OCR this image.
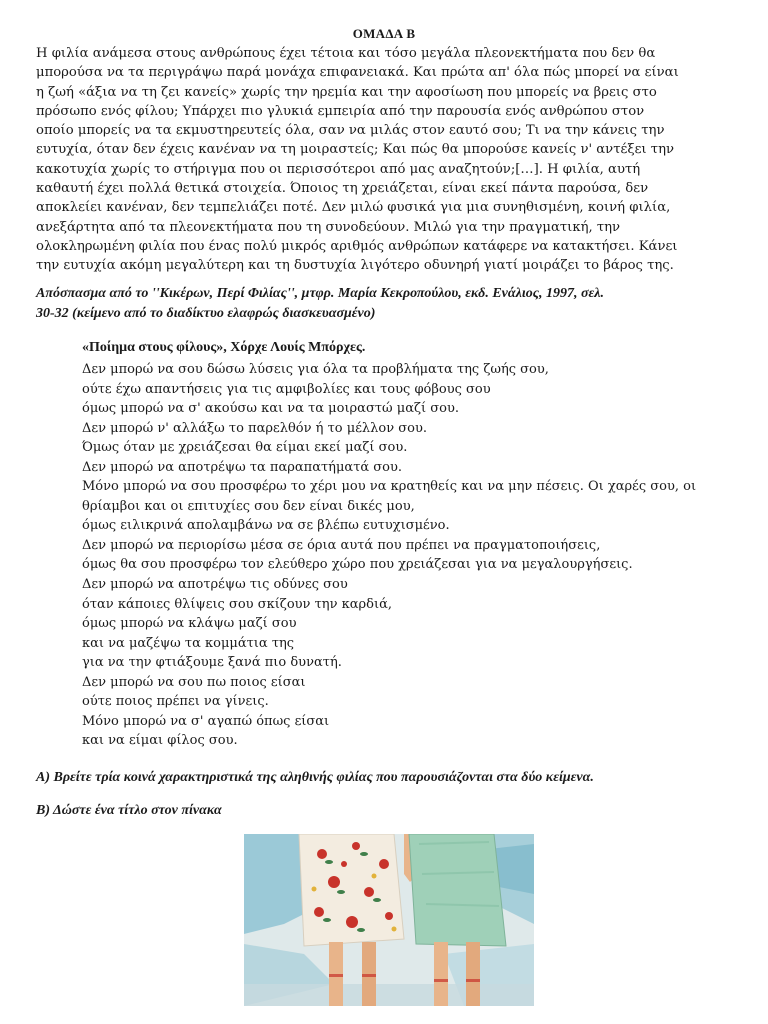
ΟΜΑΔΑ Β
Η φιλία ανάμεσα στους ανθρώπους έχει τέτοια και τόσο μεγάλα πλεονεκτήματα που δεν θα
μπορούσα να τα περιγράψω παρά μονάχα επιφανειακά. Και πρώτα απ' όλα πώς μπορεί να είναι
η ζωή «άξια να τη ζει κανείς» χωρίς την ηρεμία και την αφοσίωση που μπορείς να βρεις στο
πρόσωπο ενός φίλου; Υπάρχει πιο γλυκιά εμπειρία από την παρουσία ενός ανθρώπου στον
οποίο μπορείς να τα εκμυστηρευτείς όλα, σαν να μιλάς στον εαυτό σου; Τι να την κάνεις την
ευτυχία, όταν δεν έχεις κανέναν να τη μοιραστείς; Και πώς θα μπορούσε κανείς ν' αντέξει την
κακοτυχία χωρίς το στήριγμα που οι περισσότεροι από μας αναζητούν;[…]. Η φιλία, αυτή
καθαυτή έχει πολλά θετικά στοιχεία. Όποιος τη χρειάζεται, είναι εκεί πάντα παρούσα, δεν
αποκλείει κανέναν, δεν τεμπελιάζει ποτέ. Δεν μιλώ φυσικά για μια συνηθισμένη, κοινή φιλία,
ανεξάρτητα από τα πλεονεκτήματα που τη συνοδεύουν. Μιλώ για την πραγματική, την
ολοκληρωμένη φιλία που ένας πολύ μικρός αριθμός ανθρώπων κατάφερε να κατακτήσει. Κάνει
την ευτυχία ακόμη μεγαλύτερη και τη δυστυχία λιγότερο οδυνηρή γιατί μοιράζει το βάρος της.
Απόσπασμα από το ''Κικέρων, Περί Φιλίας'', μτφρ. Μαρία Κεκροπούλου, εκδ. Ενάλιος, 1997, σελ.
30-32 (κείμενο από το διαδίκτυο ελαφρώς διασκευασμένο)
«Ποίημα στους φίλους», Χόρχε Λουίς Μπόρχες.
Δεν μπορώ να σου δώσω λύσεις για όλα τα προβλήματα της ζωής σου,
ούτε έχω απαντήσεις για τις αμφιβολίες και τους φόβους σου
όμως μπορώ να σ' ακούσω και να τα μοιραστώ μαζί σου.
Δεν μπορώ ν' αλλάξω το παρελθόν ή το μέλλον σου.
Όμως όταν με χρειάζεσαι θα είμαι εκεί μαζί σου.
Δεν μπορώ να αποτρέψω τα παραπατήματά σου.
Μόνο μπορώ να σου προσφέρω το χέρι μου να κρατηθείς και να μην πέσεις. Οι χαρές σου, οι
θρίαμβοι και οι επιτυχίες σου δεν είναι δικές μου,
όμως ειλικρινά απολαμβάνω να σε βλέπω ευτυχισμένο.
Δεν μπορώ να περιορίσω μέσα σε όρια αυτά που πρέπει να πραγματοποιήσεις,
όμως θα σου προσφέρω τον ελεύθερο χώρο που χρειάζεσαι για να μεγαλουργήσεις.
Δεν μπορώ να αποτρέψω τις οδύνες σου
όταν κάποιες θλίψεις σου σκίζουν την καρδιά,
όμως μπορώ να κλάψω μαζί σου
και να μαζέψω τα κομμάτια της
για να την φτιάξουμε ξανά πιο δυνατή.
Δεν μπορώ να σου πω ποιος είσαι
ούτε ποιος πρέπει να γίνεις.
Μόνο μπορώ να σ' αγαπώ όπως είσαι
και να είμαι φίλος σου.
Α) Βρείτε τρία κοινά χαρακτηριστικά της αληθινής φιλίας που παρουσιάζονται στα δύο κείμενα.
Β) Δώστε ένα τίτλο στον πίνακα
